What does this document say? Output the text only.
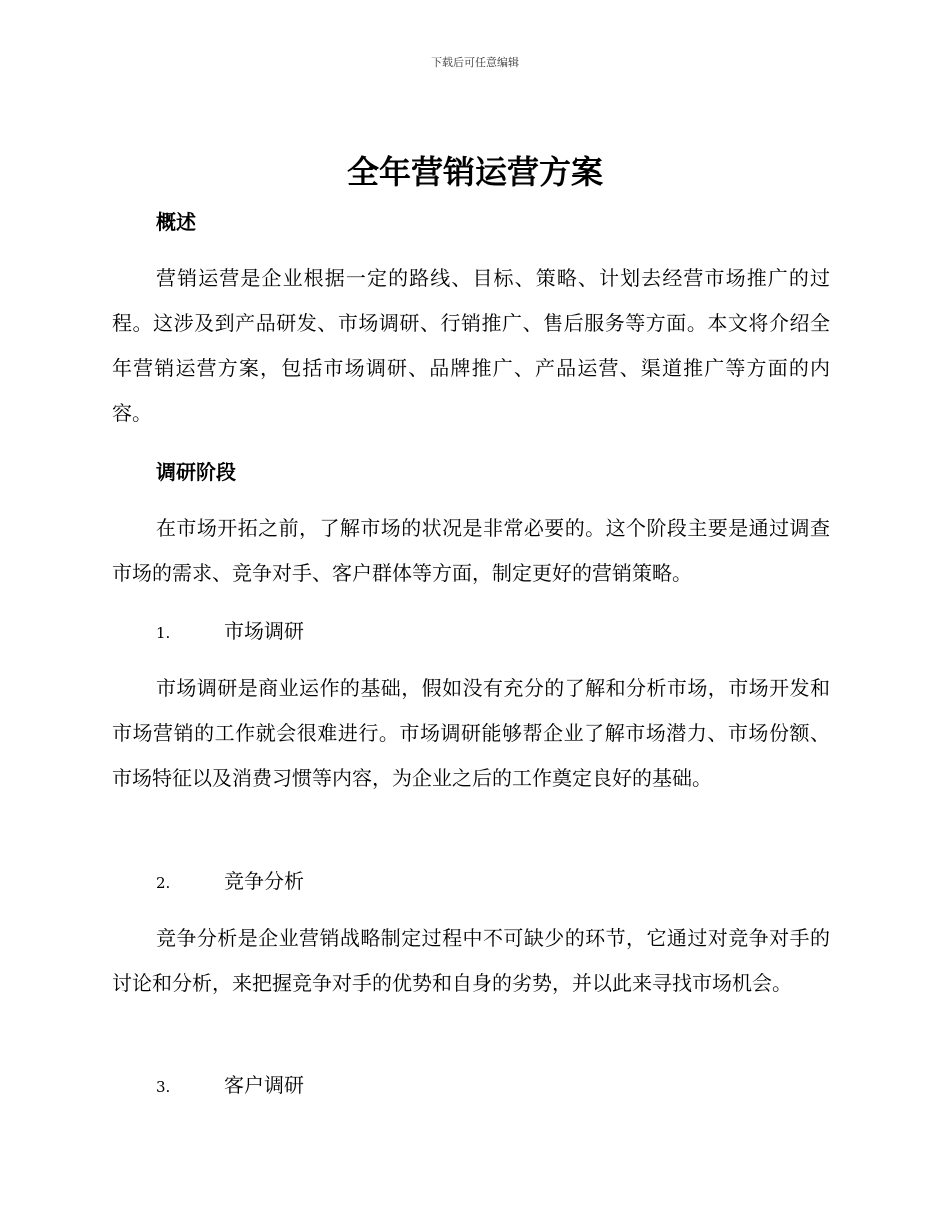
下载后可任意编辑
全年营销运营方案
概述

营销运营是企业根据一定的路线、目标、策略、计划去经营市场推广的过程。这涉及到产品研发、市场调研、行销推广、售后服务等方面。本文将介绍全年营销运营方案，包括市场调研、品牌推广、产品运营、渠道推广等方面的内容。

调研阶段

在市场开拓之前，了解市场的状况是非常必要的。这个阶段主要是通过调查市场的需求、竞争对手、客户群体等方面，制定更好的营销策略。

1.	市场调研

市场调研是商业运作的基础，假如没有充分的了解和分析市场，市场开发和市场营销的工作就会很难进行。市场调研能够帮企业了解市场潜力、市场份额、市场特征以及消费习惯等内容，为企业之后的工作奠定良好的基础。

2.	竞争分析

竞争分析是企业营销战略制定过程中不可缺少的环节，它通过对竞争对手的讨论和分析，来把握竞争对手的优势和自身的劣势，并以此来寻找市场机会。

3.	客户调研
